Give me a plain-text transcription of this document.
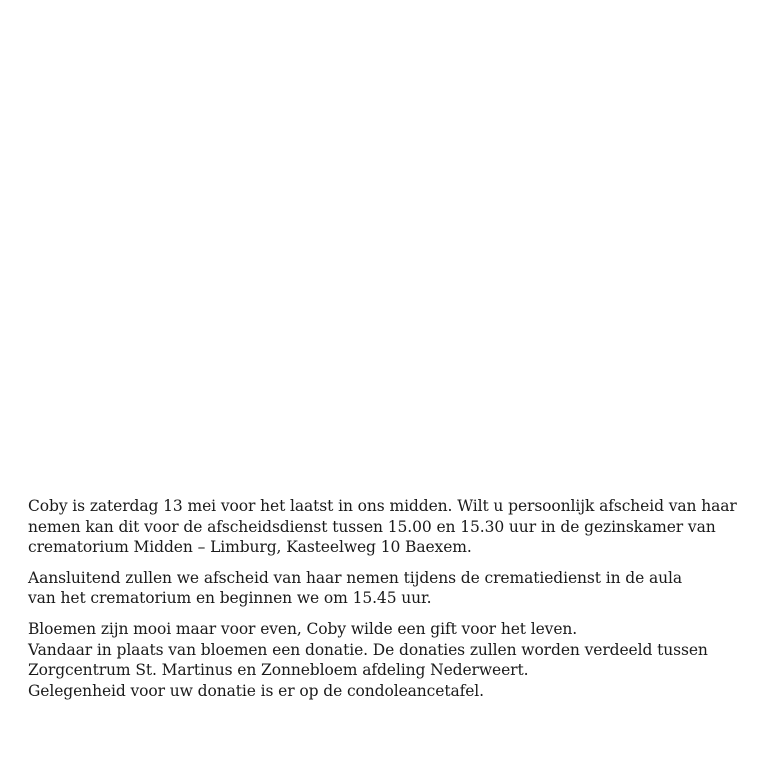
Coby is zaterdag 13 mei voor het laatst in ons midden. Wilt u persoonlijk afscheid van haar
nemen kan dit voor de afscheidsdienst tussen 15.00 en 15.30 uur in de gezinskamer van
crematorium Midden – Limburg, Kasteelweg 10 Baexem.

Aansluitend zullen we afscheid van haar nemen tijdens de crematiedienst in de aula
van het crematorium en beginnen we om 15.45 uur.

Bloemen zijn mooi maar voor even, Coby wilde een gift voor het leven.
Vandaar in plaats van bloemen een donatie. De donaties zullen worden verdeeld tussen
Zorgcentrum St. Martinus en Zonnebloem afdeling Nederweert.
Gelegenheid voor uw donatie is er op de condoleancetafel.
